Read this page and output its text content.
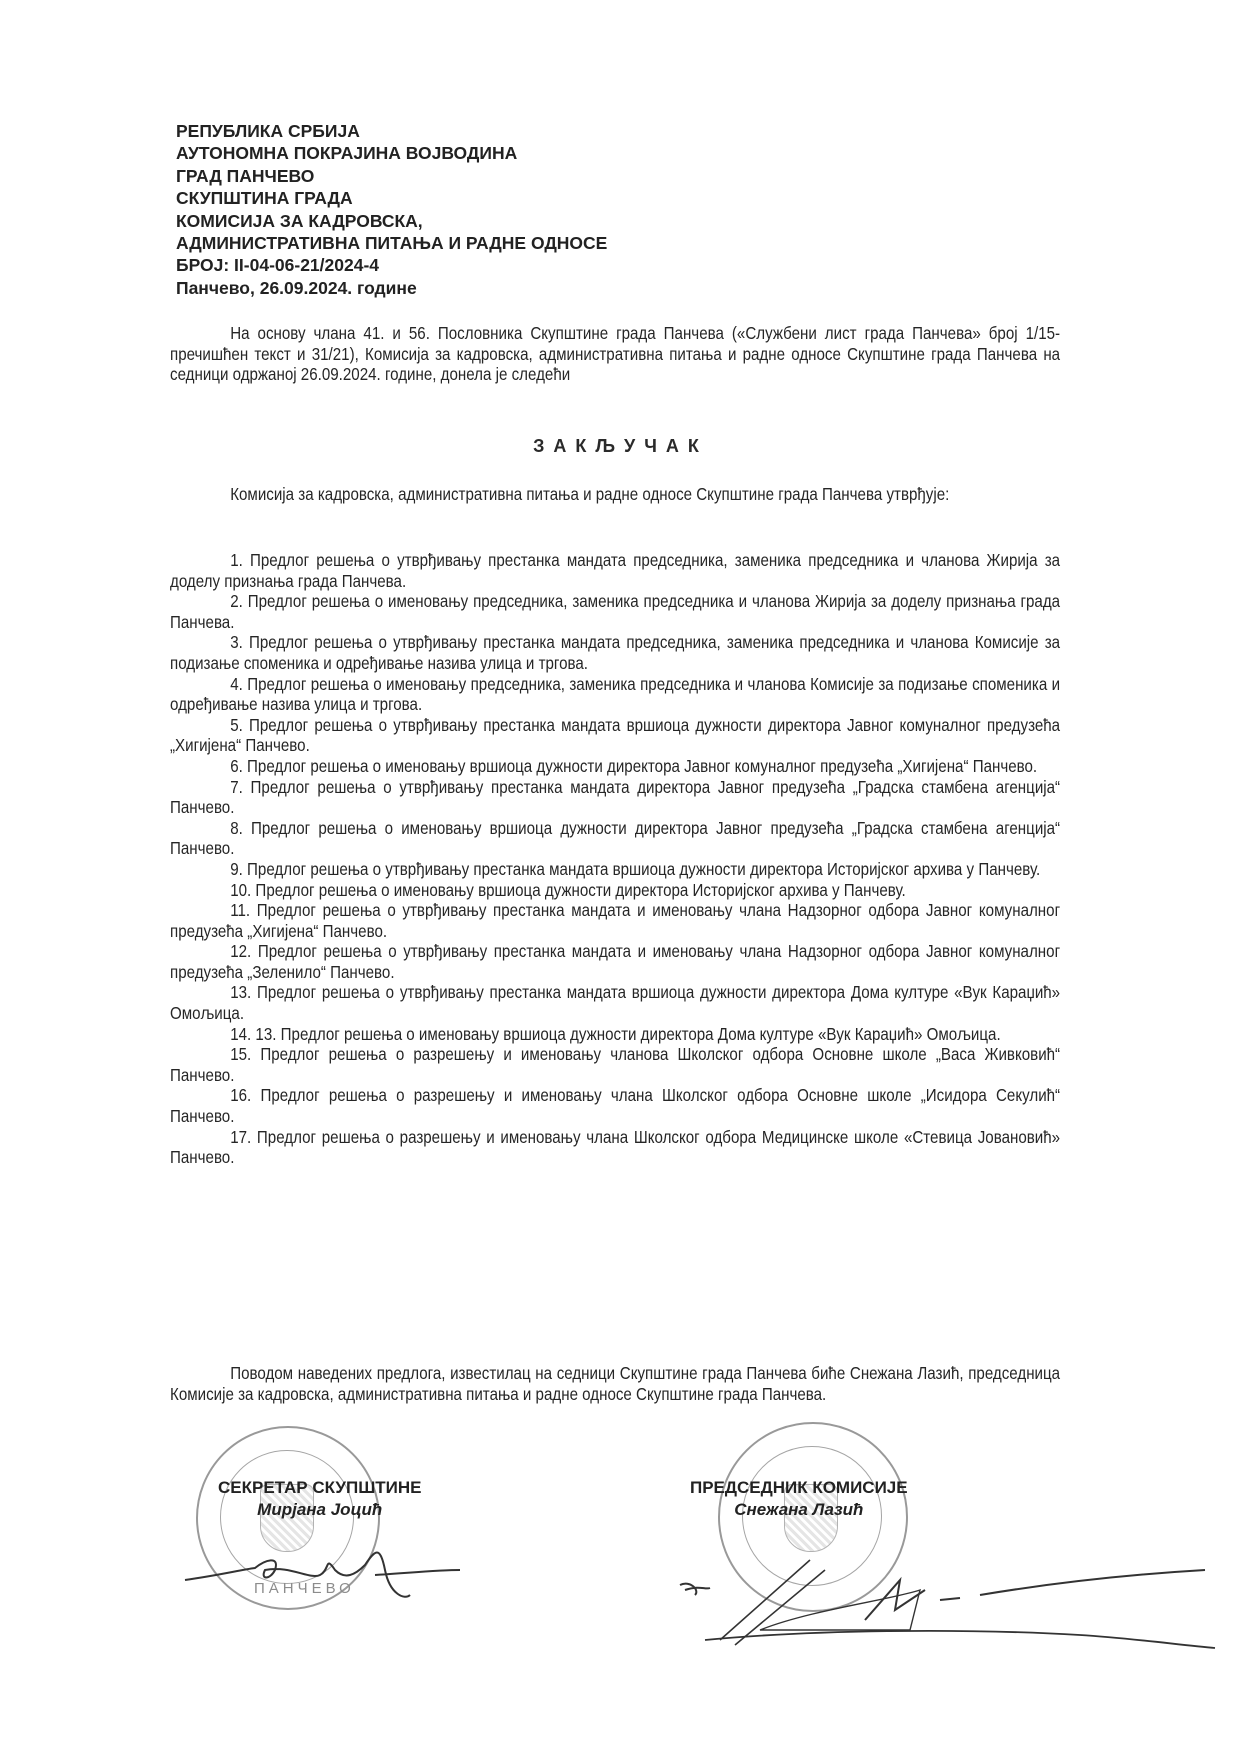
РЕПУБЛИКА СРБИЈА
АУТОНОМНА ПОКРАЈИНА ВОЈВОДИНА
ГРАД ПАНЧЕВО
СКУПШТИНА ГРАДА
КОМИСИЈА ЗА КАДРОВСКА,
АДМИНИСТРАТИВНА ПИТАЊА И РАДНЕ ОДНОСЕ
БРОЈ: II-04-06-21/2024-4
Панчево, 26.09.2024. године
На основу члана 41. и 56. Пословника Скупштине града Панчева («Службени лист града Панчева» број 1/15-пречишћен текст и 31/21), Комисија за кадровска, административна питања и радне односе Скупштине града Панчева на седници одржаној 26.09.2024. године, донела је следећи
ЗАКЉУЧАК
Комисија за кадровска, административна питања и радне односе Скупштине града Панчева утврђује:
1. Предлог решења о утврђивању престанка мандата председника, заменика председника и чланова Жирија за доделу признања града Панчева.
2. Предлог решења о именовању председника, заменика председника и чланова Жирија за доделу признања града Панчева.
3. Предлог решења о утврђивању престанка мандата председника, заменика председника и чланова Комисије за подизање споменика и одређивање назива улица и тргова.
4. Предлог решења о именовању председника, заменика председника и чланова Комисије за подизање споменика и одређивање назива улица и тргова.
5. Предлог решења о утврђивању престанка мандата вршиоца дужности директора Јавног комуналног предузећа „Хигијена“ Панчево.
6. Предлог решења о именовању вршиоца дужности директора Јавног комуналног предузећа „Хигијена“ Панчево.
7. Предлог решења о утврђивању престанка мандата директора Јавног предузећа „Градска стамбена агенција“ Панчево.
8. Предлог решења о именовању вршиоца дужности директора Јавног предузећа „Градска стамбена агенција“ Панчево.
9. Предлог решења о утврђивању престанка мандата вршиоца дужности директора Историјског архива у Панчеву.
10. Предлог решења о именовању вршиоца дужности директора Историјског архива у Панчеву.
11. Предлог решења о утврђивању престанка мандата и именовању члана Надзорног одбора Јавног комуналног предузећа „Хигијена“ Панчево.
12. Предлог решења о утврђивању престанка мандата и именовању члана Надзорног одбора Јавног комуналног предузећа „Зеленило“ Панчево.
13. Предлог решења о утврђивању престанка мандата вршиоца дужности директора Дома културе «Вук Караџић» Омољица.
14. 13. Предлог решења о именовању вршиоца дужности директора Дома културе «Вук Караџић» Омољица.
15. Предлог решења о разрешењу и именовању чланова Школског одбора Основне школе „Васа Живковић“ Панчево.
16. Предлог решења о разрешењу и именовању члана Школског одбора Основне школе „Исидора Секулић“ Панчево.
17. Предлог решења о разрешењу и именовању члана Школског одбора Медицинске школе «Стевица Јовановић» Панчево.
Поводом наведених предлога, известилац на седници Скупштине града Панчева биће Снежана Лазић, председница Комисије за кадровска, административна питања и радне односе Скупштине града Панчева.
ПАНЧЕВО
СЕКРЕТАР СКУПШТИНЕ
Мирјана Јоцић
ПРЕДСЕДНИК КОМИСИЈЕ
Снежана Лазић
